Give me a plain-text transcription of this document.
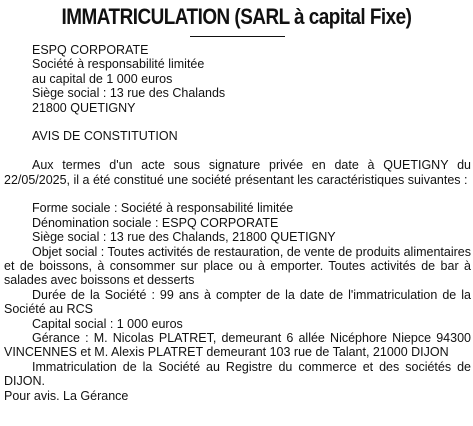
IMMATRICULATION (SARL à capital Fixe)
ESPQ CORPORATE
Société à responsabilité limitée
au capital de 1 000 euros
Siège social : 13 rue des Chalands
21800 QUETIGNY
AVIS DE CONSTITUTION

Aux termes d'un acte sous signature privée en date à QUETIGNY du 22/05/2025, il a été constitué une société présentant les caractéristiques suivantes :

Forme sociale : Société à responsabilité limitée

Dénomination sociale : ESPQ CORPORATE

Siège social : 13 rue des Chalands, 21800 QUETIGNY

Objet social : Toutes activités de restauration, de vente de produits alimentaires et de boissons, à consommer sur place ou à emporter. Toutes activités de bar à salades avec boissons et desserts

Durée de la Société : 99 ans à compter de la date de l'immatriculation de la Société au RCS

Capital social : 1 000 euros

Gérance : M. Nicolas PLATRET, demeurant 6 allée Nicéphore Niepce 94300 VINCENNES et M. Alexis PLATRET demeurant 103 rue de Talant, 21000 DIJON

Immatriculation de la Société au Registre du commerce et des sociétés de DIJON.

Pour avis. La Gérance
